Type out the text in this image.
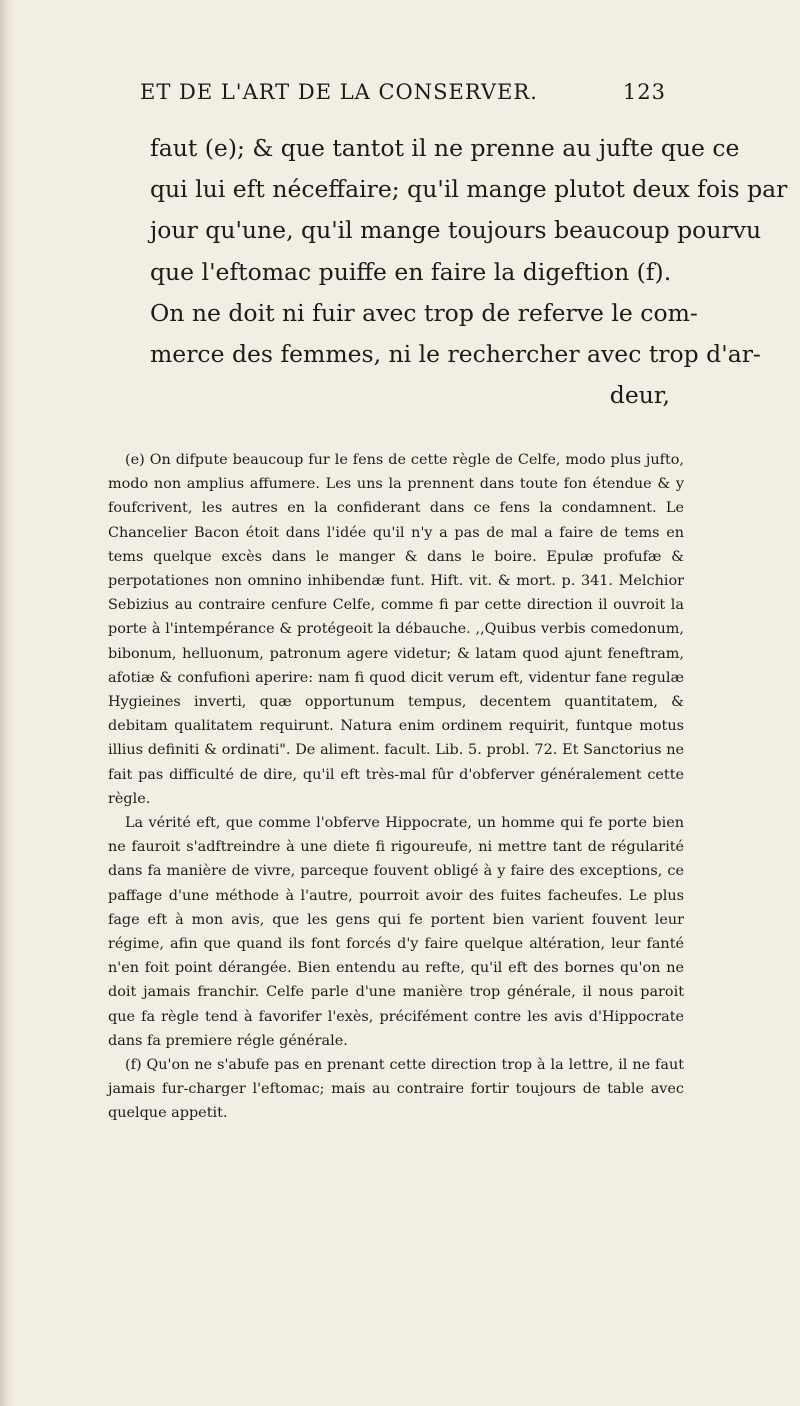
ET DE L'ART DE LA CONSERVER.	123
faut (e); & que tantot il ne prenne au jufte que ce
qui lui eft néceffaire; qu'il mange plutot deux fois par
jour qu'une, qu'il mange toujours beaucoup pourvu
que l'eftomac puiffe en faire la digeftion (f).
On ne doit ni fuir avec trop de referve le com-
merce des femmes, ni le rechercher avec trop d'ar-
deur,

(e) On difpute beaucoup fur le fens de cette règle de Celfe, modo plus jufto, modo non amplius affumere. Les uns la prennent dans toute fon étendue & y foufcrivent, les autres en la confiderant dans ce fens la condamnent. Le Chancelier Bacon étoit dans l'idée qu'il n'y a pas de mal a faire de tems en tems quelque excès dans le manger & dans le boire. Epulæ profufæ & perpotationes non omnino inhibendæ funt. Hift. vit. & mort. p. 341. Melchior Sebizius au contraire cenfure Celfe, comme fi par cette direction il ouvroit la porte à l'intempérance & protégeoit la débauche. ,,Quibus verbis comedonum, bibonum, helluonum, patronum agere videtur; & latam quod ajunt feneftram, afotiæ & confufioni aperire: nam fi quod dicit verum eft, videntur fane regulæ Hygieines inverti, quæ opportunum tempus, decentem quantitatem, & debitam qualitatem requirunt. Natura enim ordinem requirit, funtque motus illius definiti & ordinati". De aliment. facult. Lib. 5. probl. 72. Et Sanctorius ne fait pas difficulté de dire, qu'il eft très-mal fûr d'obferver généralement cette règle.

La vérité eft, que comme l'obferve Hippocrate, un homme qui fe porte bien ne fauroit s'adftreindre à une diete fi rigoureufe, ni mettre tant de régularité dans fa manière de vivre, parceque fouvent obligé à y faire des exceptions, ce paffage d'une méthode à l'autre, pourroit avoir des fuites facheufes. Le plus fage eft à mon avis, que les gens qui fe portent bien varient fouvent leur régime, afin que quand ils font forcés d'y faire quelque altération, leur fanté n'en foit point dérangée. Bien entendu au refte, qu'il eft des bornes qu'on ne doit jamais franchir. Celfe parle d'une manière trop générale, il nous paroit que fa règle tend à favorifer l'exès, précifément contre les avis d'Hippocrate dans fa premiere régle générale.

(f) Qu'on ne s'abufe pas en prenant cette direction trop à la lettre, il ne faut jamais fur-charger l'eftomac; mais au contraire fortir toujours de table avec quelque appetit.
